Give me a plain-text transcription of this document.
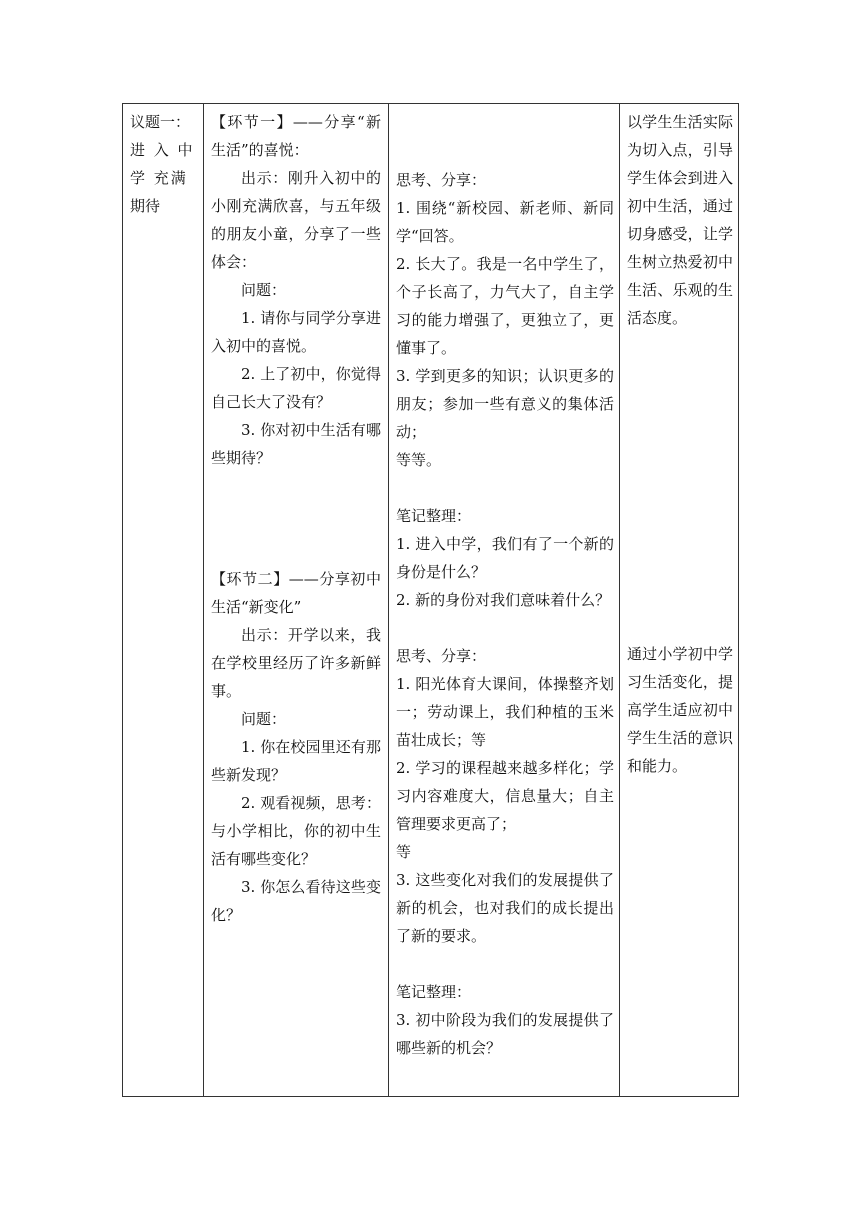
议题一：
进 入 中
学 充满
期待

【环节一】——分享“新生活”的喜悦：

出示：刚升入初中的小刚充满欣喜，与五年级的朋友小童，分享了一些体会：

问题：

1. 请你与同学分享进入初中的喜悦。

2. 上了初中，你觉得自己长大了没有？

3. 你对初中生活有哪些期待？

【环节二】——分享初中生活“新变化”

出示：开学以来，我在学校里经历了许多新鲜事。

问题：

1. 你在校园里还有那些新发现？

2. 观看视频，思考：与小学相比，你的初中生活有哪些变化？

3. 你怎么看待这些变化？

思考、分享：

1. 围绕“新校园、新老师、新同学“回答。

2. 长大了。我是一名中学生了，个子长高了，力气大了，自主学习的能力增强了，更独立了，更懂事了。

3. 学到更多的知识；认识更多的朋友；参加一些有意义的集体活动；

等等。

笔记整理：

1. 进入中学，我们有了一个新的身份是什么？

2. 新的身份对我们意味着什么？

思考、分享：

1. 阳光体育大课间，体操整齐划一；劳动课上，我们种植的玉米苗壮成长；等

2. 学习的课程越来越多样化；学习内容难度大，信息量大；自主管理要求更高了；

等

3. 这些变化对我们的发展提供了新的机会，也对我们的成长提出了新的要求。

笔记整理：

3. 初中阶段为我们的发展提供了哪些新的机会？

以学生生活实际为切入点，引导学生体会到进入初中生活，通过切身感受，让学生树立热爱初中生活、乐观的生活态度。

通过小学初中学习生活变化，提高学生适应初中学生生活的意识和能力。
